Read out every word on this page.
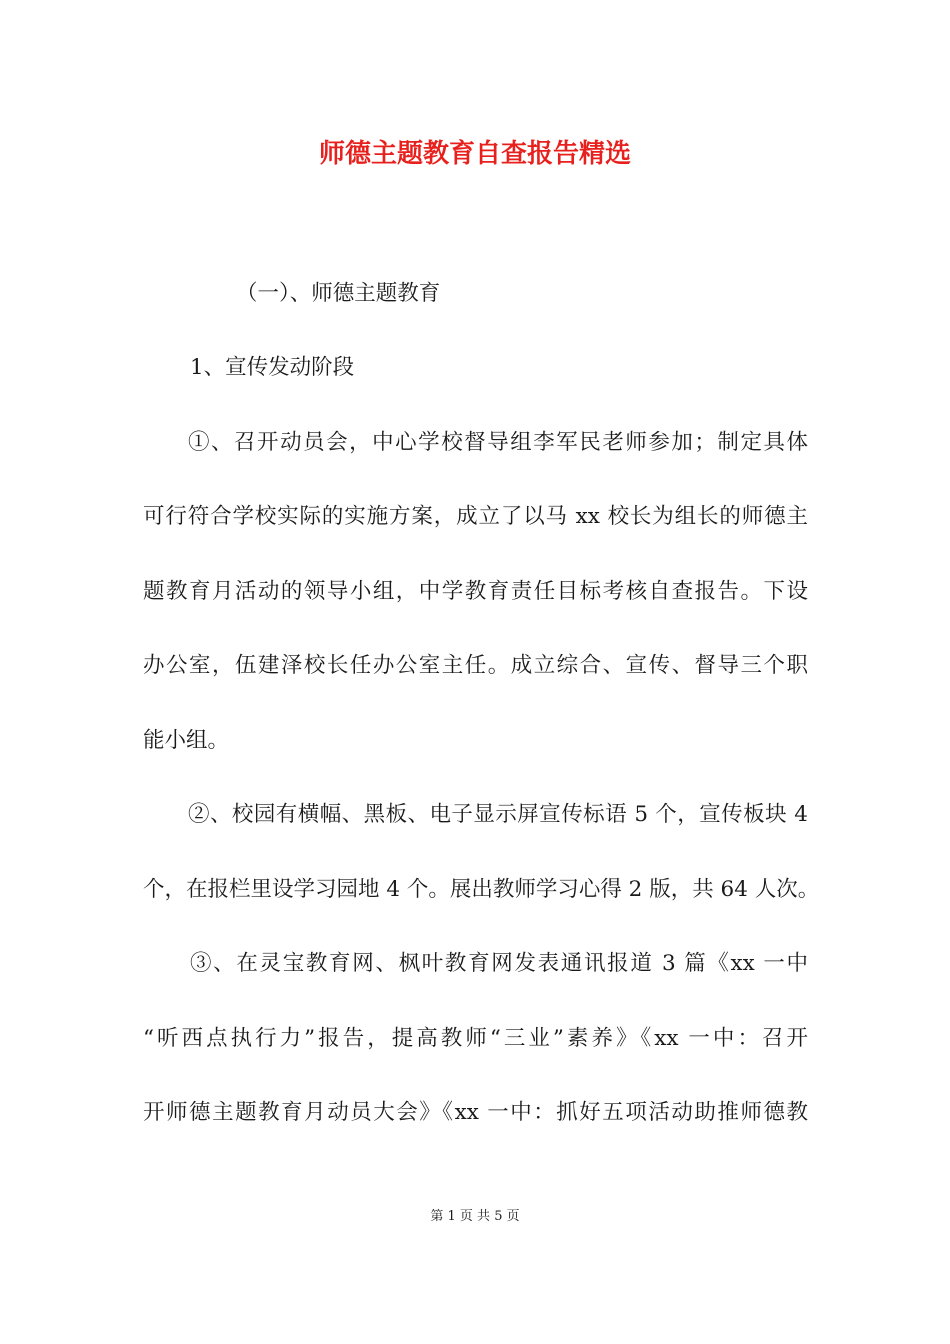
师德主题教育自查报告精选
（一）、师德主题教育
1、宣传发动阶段
①、召开动员会，中心学校督导组李军民老师参加；制定具体
可行符合学校实际的实施方案，成立了以马 xx 校长为组长的师德主
题教育月活动的领导小组，中学教育责任目标考核自查报告。下设
办公室，伍建泽校长任办公室主任。成立综合、宣传、督导三个职
能小组。
②、校园有横幅、黑板、电子显示屏宣传标语 5 个，宣传板块 4
个，在报栏里设学习园地 4 个。展出教师学习心得 2 版，共 64 人次。
③、在灵宝教育网、枫叶教育网发表通讯报道 3 篇《xx 一中
“听西点执行力”报告，提高教师“三业”素养》《xx 一中：召开
开师德主题教育月动员大会》《xx 一中：抓好五项活动助推师德教
第 1 页 共 5 页
